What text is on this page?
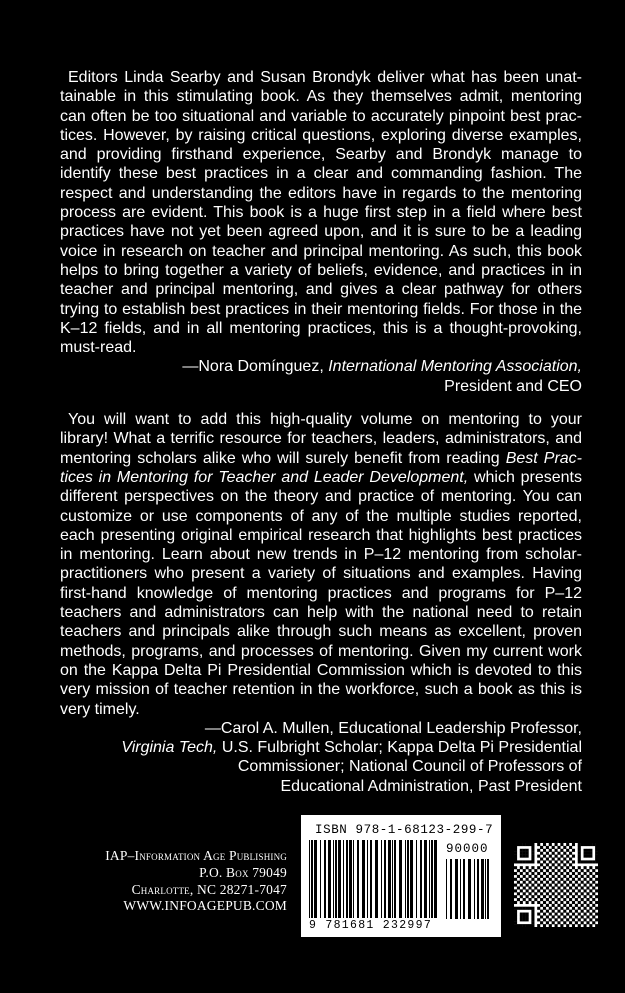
Editors Linda Searby and Susan Brondyk deliver what has been unat-tainable in this stimulating book. As they themselves admit, mentoring can often be too situational and variable to accurately pinpoint best prac-tices. However, by raising critical questions, exploring diverse examples, and providing firsthand experience, Searby and Brondyk manage to identify these best practices in a clear and commanding fashion. The respect and understanding the editors have in regards to the mentoring process are evident. This book is a huge first step in a field where best practices have not yet been agreed upon, and it is sure to be a leading voice in research on teacher and principal mentoring. As such, this book helps to bring together a variety of beliefs, evidence, and practices in in teacher and principal mentoring, and gives a clear pathway for others trying to establish best practices in their mentoring fields. For those in the K–12 fields, and in all mentoring practices, this is a thought-provoking, must-read.

—Nora Domínguez, International Mentoring Association,
President and CEO

You will want to add this high-quality volume on mentoring to your library! What a terrific resource for teachers, leaders, administrators, and mentoring scholars alike who will surely benefit from reading Best Prac-tices in Mentoring for Teacher and Leader Development, which presents different perspectives on the theory and practice of mentoring. You can customize or use components of any of the multiple studies reported, each presenting original empirical research that highlights best practices in mentoring. Learn about new trends in P–12 mentoring from scholar-practitioners who present a variety of situations and examples. Having first-hand knowledge of mentoring practices and programs for P–12 teachers and administrators can help with the national need to retain teachers and principals alike through such means as excellent, proven methods, programs, and processes of mentoring. Given my current work on the Kappa Delta Pi Presidential Commission which is devoted to this very mission of teacher retention in the workforce, such a book as this is very timely.

—Carol A. Mullen, Educational Leadership Professor,
Virginia Tech, U.S. Fulbright Scholar; Kappa Delta Pi Presidential
Commissioner; National Council of Professors of
Educational Administration, Past President

IAP–Information Age Publishing
P.O. Box 79049
Charlotte, NC 28271-7047
WWW.INFOAGEPUB.COM
ISBN 978-1-68123-299-7
90000
9 781681 232997
